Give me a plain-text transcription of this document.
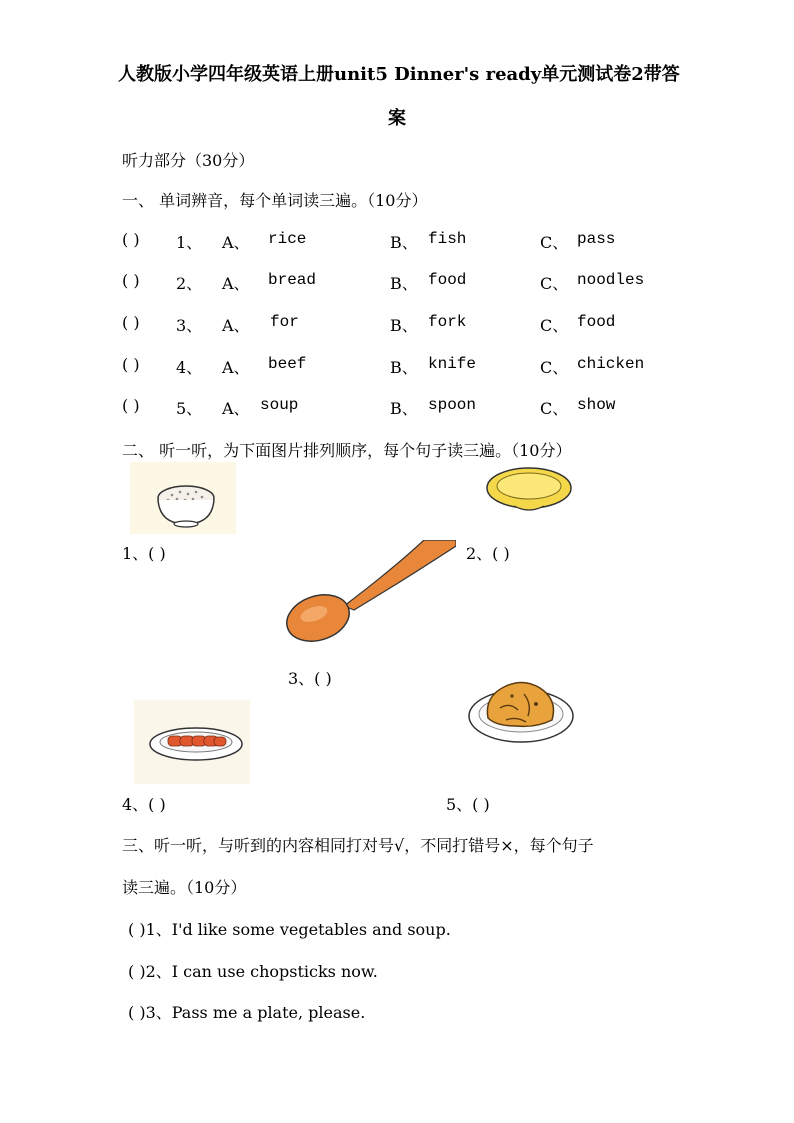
人教版小学四年级英语上册unit5 Dinner's ready单元测试卷2带答
案
听力部分（30分）
一、 单词辨音，每个单词读三遍。（10分）
( ) 1、 A、 rice	B、 fish	C、 pass
( ) 2、 A、 bread	B、 food	C、 noodles
( ) 3、 A、 for	B、 fork	C、 food
( ) 4、 A、 beef	B、 knife	C、 chicken
( ) 5、 A、 soup	B、 spoon	C、 show
二、 听一听，为下面图片排列顺序，每个句子读三遍。（10分）
1、( )	2、( )
3、( )
4、( )	5、( )
三、听一听，与听到的内容相同打对号√，不同打错号×，每个句子
读三遍。（10分）
( )1、I'd like some vegetables and soup.
( )2、I can use chopsticks now.
( )3、Pass me a plate, please.
